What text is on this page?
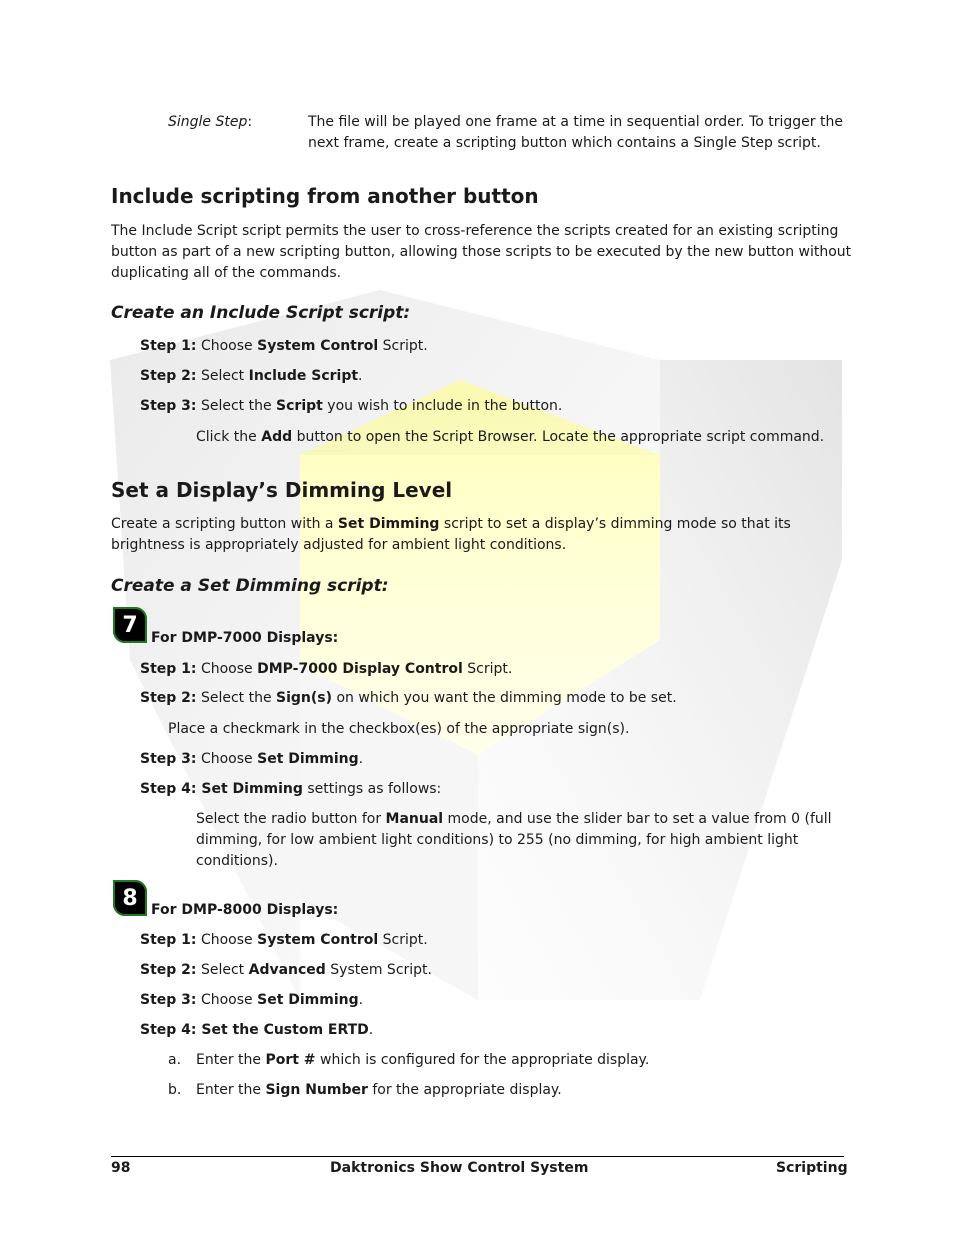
Single Step:	The file will be played one frame at a time in sequential order. To trigger the
next frame, create a scripting button which contains a Single Step script.
Include scripting from another button
The Include Script script permits the user to cross-reference the scripts created for an existing scripting
button as part of a new scripting button, allowing those scripts to be executed by the new button without
duplicating all of the commands.
Create an Include Script script:
Step 1: Choose System Control Script.
Step 2: Select Include Script.
Step 3: Select the Script you wish to include in the button.
Click the Add button to open the Script Browser. Locate the appropriate script command.
Set a Display’s Dimming Level
Create a scripting button with a Set Dimming script to set a display’s dimming mode so that its
brightness is appropriately adjusted for ambient light conditions.
Create a Set Dimming script:
7
For DMP-7000 Displays:
Step 1: Choose DMP-7000 Display Control Script.
Step 2: Select the Sign(s) on which you want the dimming mode to be set.
Place a checkmark in the checkbox(es) of the appropriate sign(s).
Step 3: Choose Set Dimming.
Step 4: Set Dimming settings as follows:
Select the radio button for Manual mode, and use the slider bar to set a value from 0 (full
dimming, for low ambient light conditions) to 255 (no dimming, for high ambient light
conditions).
8 For DMP-8000 Displays:
Step 1: Choose System Control Script.
Step 2: Select Advanced System Script.
Step 3: Choose Set Dimming.
Step 4: Set the Custom ERTD.
a. Enter the Port # which is configured for the appropriate display.
b. Enter the Sign Number for the appropriate display.
98	Daktronics Show Control System	Scripting
